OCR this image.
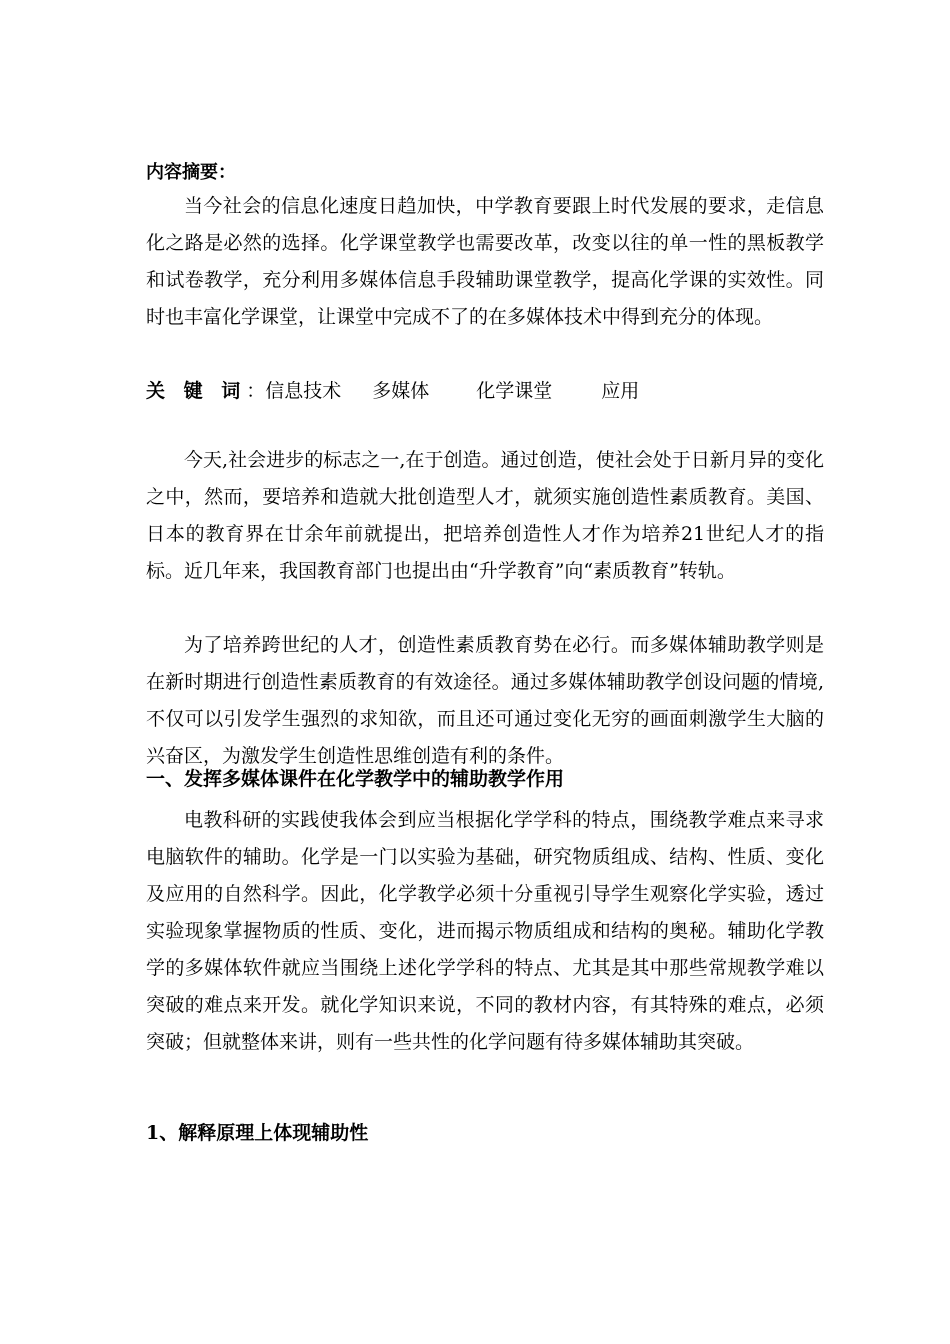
内容摘要：

当今社会的信息化速度日趋加快，中学教育要跟上时代发展的要求，走信息化之路是必然的选择。化学课堂教学也需要改革，改变以往的单一性的黑板教学和试卷教学，充分利用多媒体信息手段辅助课堂教学，提高化学课的实效性。同时也丰富化学课堂，让课堂中完成不了的在多媒体技术中得到充分的体现。

关 键 词：信息技术 多媒体 化学课堂	应用

今天,社会进步的标志之一,在于创造。通过创造，使社会处于日新月异的变化之中，然而，要培养和造就大批创造型人才，就须实施创造性素质教育。美国、日本的教育界在廿余年前就提出，把培养创造性人才作为培养21世纪人才的指标。近几年来，我国教育部门也提出由“升学教育”向“素质教育”转轨。

为了培养跨世纪的人才，创造性素质教育势在必行。而多媒体辅助教学则是在新时期进行创造性素质教育的有效途径。通过多媒体辅助教学创设问题的情境,不仅可以引发学生强烈的求知欲，而且还可通过变化无穷的画面刺激学生大脑的兴奋区，为激发学生创造性思维创造有利的条件。

一、发挥多媒体课件在化学教学中的辅助教学作用

电教科研的实践使我体会到应当根据化学学科的特点，围绕教学难点来寻求电脑软件的辅助。化学是一门以实验为基础，研究物质组成、结构、性质、变化及应用的自然科学。因此，化学教学必须十分重视引导学生观察化学实验，透过实验现象掌握物质的性质、变化，进而揭示物质组成和结构的奥秘。辅助化学教学的多媒体软件就应当围绕上述化学学科的特点、尤其是其中那些常规教学难以突破的难点来开发。就化学知识来说，不同的教材内容，有其特殊的难点，必须突破；但就整体来讲，则有一些共性的化学问题有待多媒体辅助其突破。

1、解释原理上体现辅助性
